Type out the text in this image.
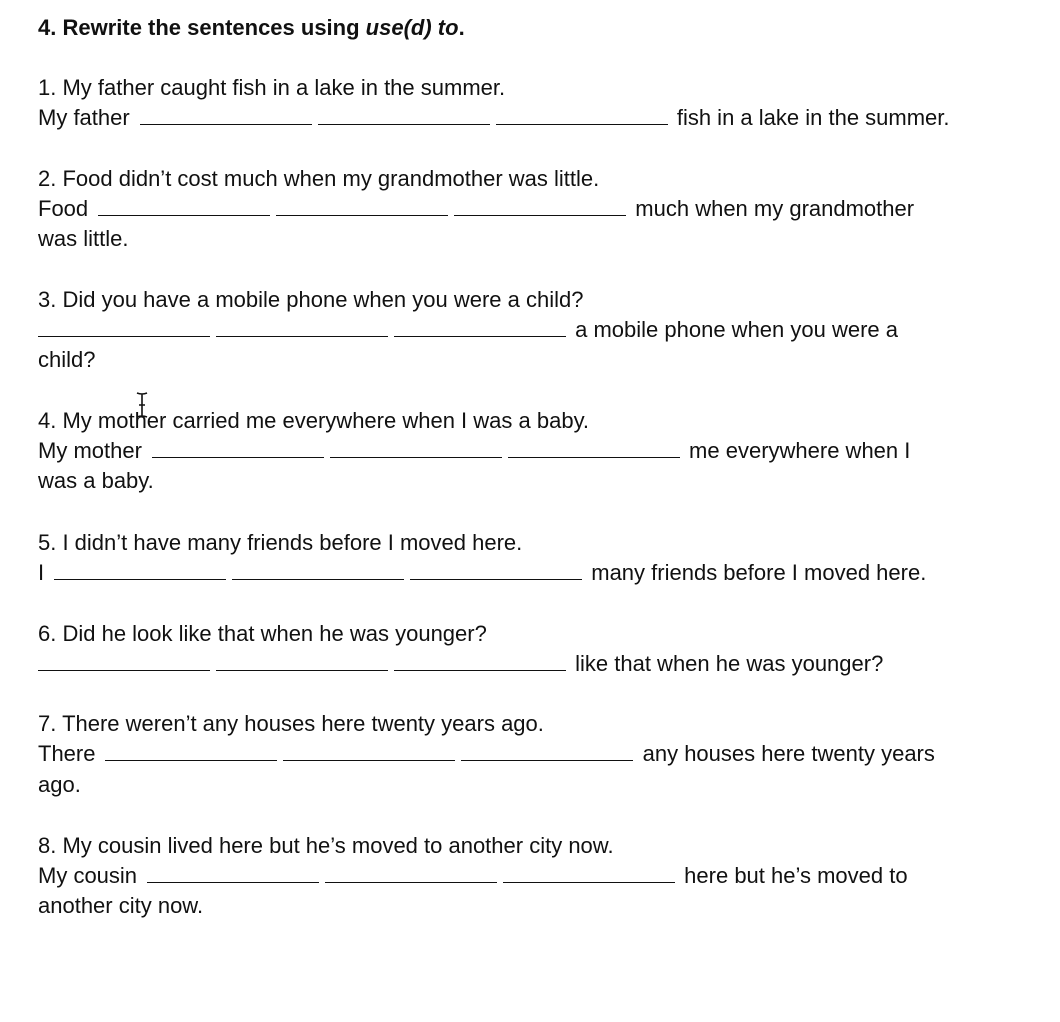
4. Rewrite the sentences using use(d) to.
1. My father caught fish in a lake in the summer.
My father	fish in a lake in the summer.
2. Food didn’t cost much when my grandmother was little.
Food	much when my grandmother
was little.
3. Did you have a mobile phone when you were a child?
a mobile phone when you were a
child?
4. My mother carried me everywhere when I was a baby.
My mother	me everywhere when I
was a baby.
5. I didn’t have many friends before I moved here.
I	many friends before I moved here.
6. Did he look like that when he was younger?
like that when he was younger?
7. There weren’t any houses here twenty years ago.
There	any houses here twenty years
ago.
8. My cousin lived here but he’s moved to another city now.
My cousin	here but he’s moved to
another city now.
